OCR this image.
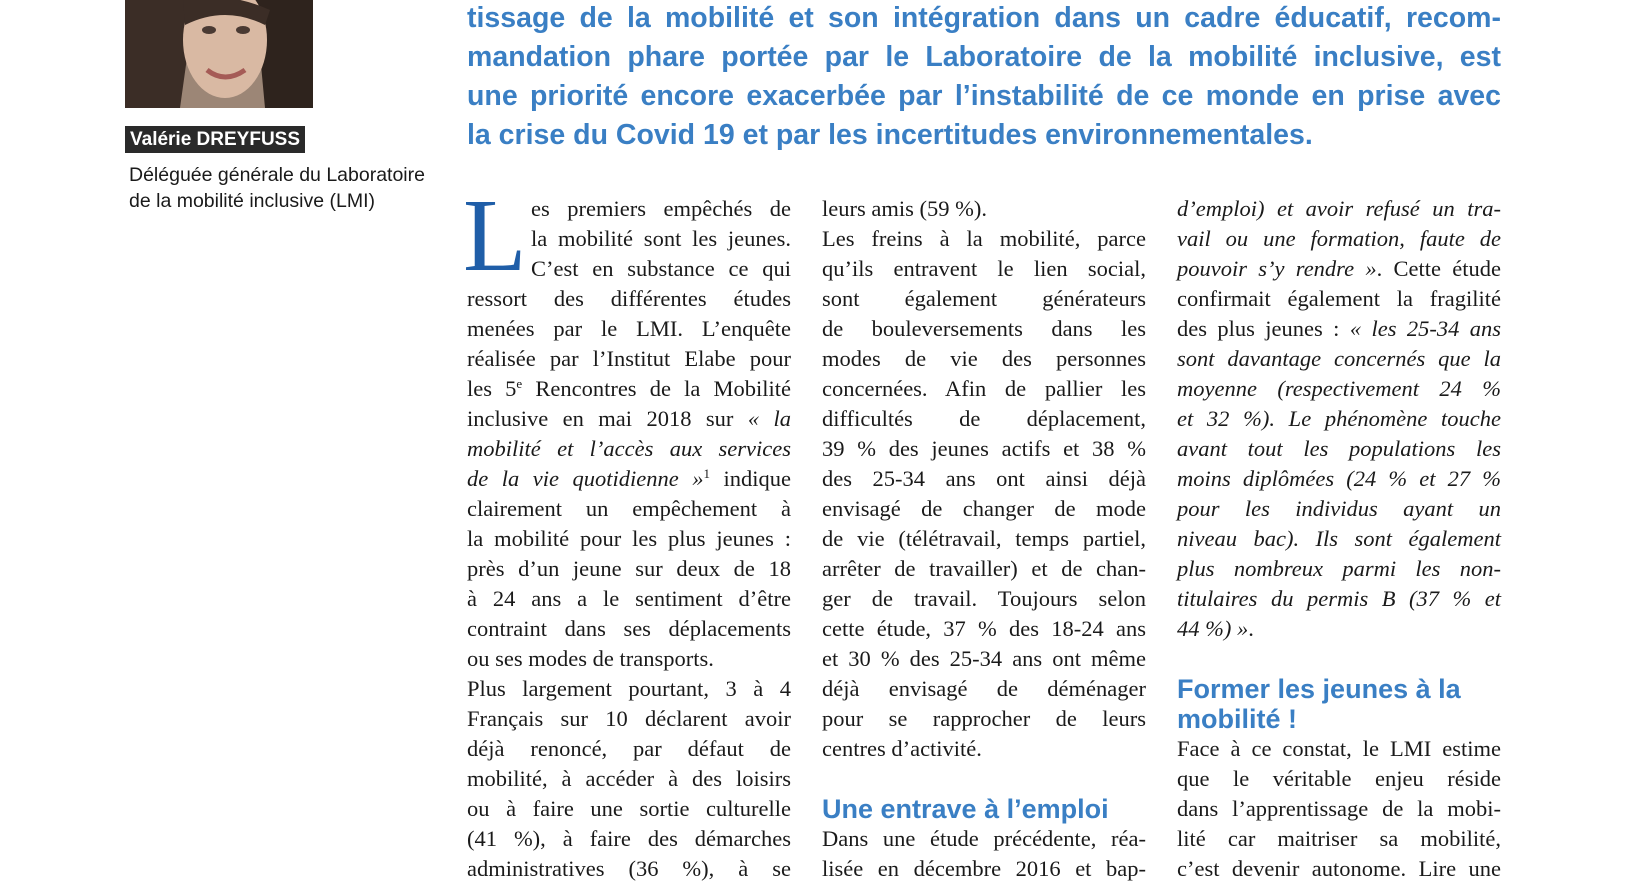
Valérie DREYFUSS
Déléguée générale du Laboratoire
de la mobilité inclusive (LMI)
tissage de la mobilité et son intégration dans un cadre éducatif, recom-
mandation phare portée par le Laboratoire de la mobilité inclusive, est
une priorité encore exacerbée par l’instabilité de ce monde en prise avec
la crise du Covid 19 et par les incertitudes environnementales.
L es premiers empêchés de
la mobilité sont les jeunes.
C’est en substance ce qui
ressort des différentes études
menées par le LMI. L’enquête
réalisée par l’Institut Elabe pour
les 5e Rencontres de la Mobilité
inclusive en mai 2018 sur « la
mobilité et l’accès aux services
de la vie quotidienne »$^1$ indique
clairement un empêchement à
la mobilité pour les plus jeunes :
près d’un jeune sur deux de 18
à 24 ans a le sentiment d’être
contraint dans ses déplacements
ou ses modes de transports.
Plus largement pourtant, 3 à 4
Français sur 10 déclarent avoir
déjà renoncé, par défaut de
mobilité, à accéder à des loisirs
ou à faire une sortie culturelle
(41 %), à faire des démarches
administratives (36 %), à se
leurs amis (59 %).
Les freins à la mobilité, parce
qu’ils entravent le lien social,
sont également générateurs
de bouleversements dans les
modes de vie des personnes
concernées. Afin de pallier les
difficultés de déplacement,
39 % des jeunes actifs et 38 %
des 25-34 ans ont ainsi déjà
envisagé de changer de mode
de vie (télétravail, temps partiel,
arrêter de travailler) et de chan-
ger de travail. Toujours selon
cette étude, 37 % des 18-24 ans
et 30 % des 25-34 ans ont même
déjà envisagé de déménager
pour se rapprocher de leurs
centres d’activité.
Une entrave à l’emploi
Dans une étude précédente, réa-
lisée en décembre 2016 et bap-
d’emploi) et avoir refusé un tra-
vail ou une formation, faute de
pouvoir s’y rendre ». Cette étude
confirmait également la fragilité
des plus jeunes : « les 25-34 ans
sont davantage concernés que la
moyenne (respectivement 24 %
et 32 %). Le phénomène touche
avant tout les populations les
moins diplômées (24 % et 27 %
pour les individus ayant un
niveau bac). Ils sont également
plus nombreux parmi les non-
titulaires du permis B (37 % et
44 %) ».
Former les jeunes à la
mobilité !
Face à ce constat, le LMI estime
que le véritable enjeu réside
dans l’apprentissage de la mobi-
lité car maitriser sa mobilité,
c’est devenir autonome. Lire une
